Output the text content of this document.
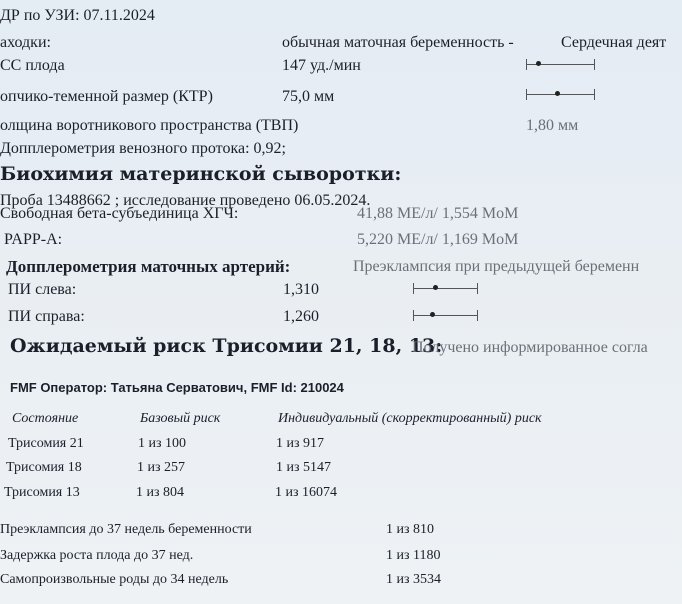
ДР по УЗИ: 07.11.2024
аходки:	обычная маточная беременность -	Сердечная деят
СС плода	147 уд./мин
опчико-теменной размер (КТР)	75,0 мм
олщина воротникового пространства (ТВП)	1,80 мм
Допплерометрия венозного протока: 0,92;
Биохимия материнской сыворотки:
Проба 13488662 ; исследование проведено 06.05.2024.
Свободная бета-субъединица ХГЧ:	41,88 МЕ/л/ 1,554 MoM
PAPP-A:	5,220 МЕ/л/ 1,169 MoM
Допплерометрия маточных артерий:	Преэклампсия при предыдущей беременн
ПИ слева:	1,310
ПИ справа:	1,260
Ожидаемый риск Трисомии 21, 18, 13:
Получено информированное согла
FMF Оператор: Татьяна Серватович, FMF Id: 210024
Состояние	Базовый риск	Индивидуальный (скорректированный) риск
Трисомия 21	1 из 100	1 из 917
Трисомия 18	1 из 257	1 из 5147
Трисомия 13	1 из 804	1 из 16074
Преэклампсия до 37 недель беременности	1 из 810
Задержка роста плода до 37 нед.	1 из 1180
Самопроизвольные роды до 34 недель	1 из 3534
